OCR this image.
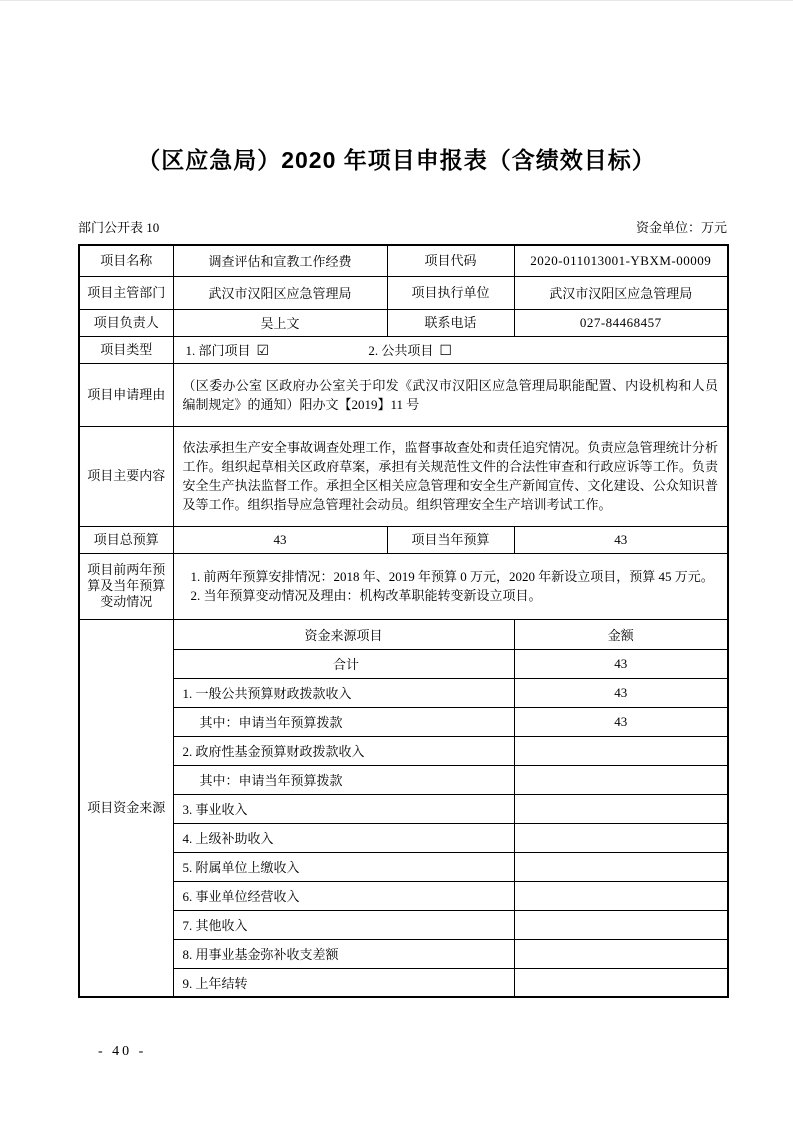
（区应急局）2020 年项目申报表（含绩效目标）
部门公开表 10	资金单位：万元
项目名称	调查评估和宣教工作经费	项目代码	2020-011013001-YBXM-00009
项目主管部门	武汉市汉阳区应急管理局	项目执行单位	武汉市汉阳区应急管理局
项目负责人	吴上文	联系电话	027-84468457
项目类型	1. 部门项目 ☑ 2. 公共项目 ☐		
项目申请理由	（区委办公室 区政府办公室关于印发《武汉市汉阳区应急管理局职能配置、内设机构和人员编制规定》的通知）阳办文【2019】11 号		
项目主要内容	依法承担生产安全事故调查处理工作，监督事故查处和责任追究情况。负责应急管理统计分析工作。组织起草相关区政府草案，承担有关规范性文件的合法性审查和行政应诉等工作。负责安全生产执法监督工作。承担全区相关应急管理和安全生产新闻宣传、文化建设、公众知识普及等工作。组织指导应急管理社会动员。组织管理安全生产培训考试工作。		
项目总预算	43	项目当年预算	43
项目前两年预算及当年预算变动情况	1. 前两年预算安排情况：2018 年、2019 年预算 0 万元，2020 年新设立项目，预算 45 万元。
2. 当年预算变动情况及理由：机构改革职能转变新设立项目。		

项目资金来源	资金来源项目		金额
	合计		43
	1. 一般公共预算财政拨款收入		43
	其中：申请当年预算拨款		43
	2. 政府性基金预算财政拨款收入		
	其中：申请当年预算拨款		
	3. 事业收入		
	4. 上级补助收入		
	5. 附属单位上缴收入		
	6. 事业单位经营收入		
	7. 其他收入		
	8. 用事业基金弥补收支差额		
	9. 上年结转		
- 40 -
